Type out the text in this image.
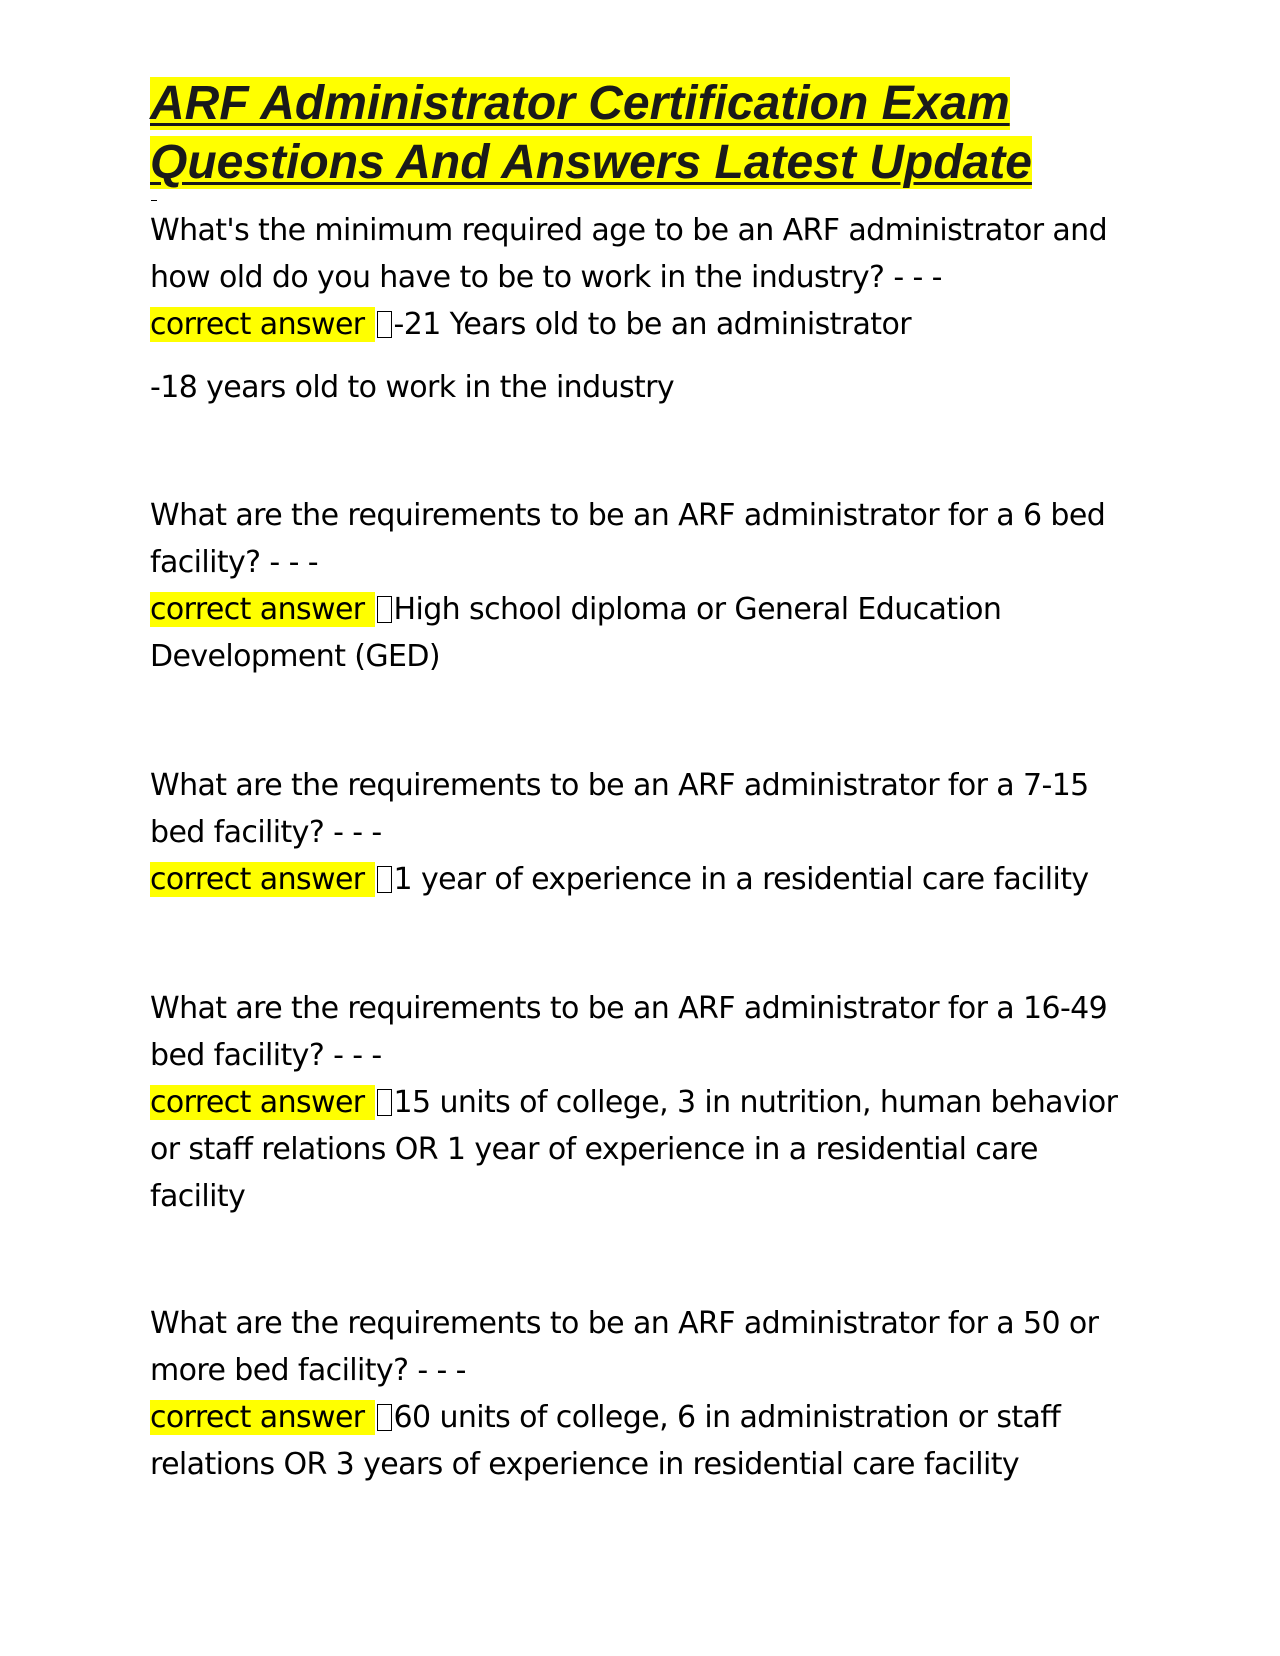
ARF Administrator Certification Exam Questions And Answers Latest Update

What's the minimum required age to be an ARF administrator and how old do you have to be to work in the industry? - - -

correct answer -21 Years old to be an administrator

-18 years old to work in the industry

What are the requirements to be an ARF administrator for a 6 bed facility? - - -

correct answer High school diploma or General Education Development (GED)

What are the requirements to be an ARF administrator for a 7-15 bed facility? - - -

correct answer 1 year of experience in a residential care facility

What are the requirements to be an ARF administrator for a 16-49 bed facility? - - -

correct answer 15 units of college, 3 in nutrition, human behavior or staff relations OR 1 year of experience in a residential care facility

What are the requirements to be an ARF administrator for a 50 or more bed facility? - - -

correct answer 60 units of college, 6 in administration or staff relations OR 3 years of experience in residential care facility
